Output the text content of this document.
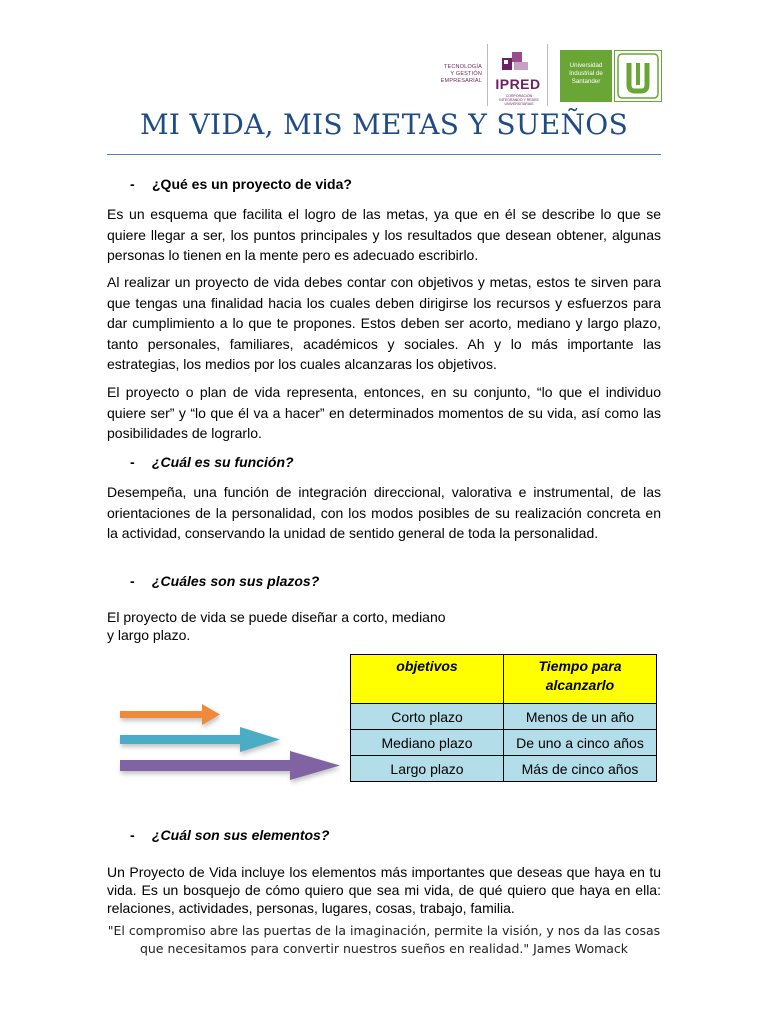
TECNOLOGÍA
Y GESTIÓN
EMPRESARIAL IPRED
CORPORACIÓN INTEGRANDO Y REDES UNIVERSITARIAS
Universidad
Industrial de
Santander
MI VIDA, MIS METAS Y SUEÑOS
- ¿Qué es un proyecto de vida?
Es un esquema que facilita el logro de las metas, ya que en él se describe lo que se quiere llegar a ser, los puntos principales y los resultados que desean obtener, algunas personas lo tienen en la mente pero es adecuado escribirlo.
Al realizar un proyecto de vida debes contar con objetivos y metas, estos te sirven para que tengas una finalidad hacia los cuales deben dirigirse los recursos y esfuerzos para dar cumplimiento a lo que te propones. Estos deben ser acorto, mediano y largo plazo, tanto personales, familiares, académicos y sociales. Ah y lo más importante las estrategias, los medios por los cuales alcanzaras los objetivos.
El proyecto o plan de vida representa, entonces, en su conjunto, “lo que el individuo quiere ser” y “lo que él va a hacer” en determinados momentos de su vida, así como las posibilidades de lograrlo.
- ¿Cuál es su función?
Desempeña, una función de integración direccional, valorativa e instrumental, de las orientaciones de la personalidad, con los modos posibles de su realización concreta en la actividad, conservando la unidad de sentido general de toda la personalidad.
- ¿Cuáles son sus plazos?
El proyecto de vida se puede diseñar a corto, mediano
y largo plazo.
objetivos	Tiempo para alcanzarlo
Corto plazo	Menos de un año
Mediano plazo	De uno a cinco años
Largo plazo	Más de cinco años
- ¿Cuál son sus elementos?
Un Proyecto de Vida incluye los elementos más importantes que deseas que haya en tu vida. Es un bosquejo de cómo quiero que sea mi vida, de qué quiero que haya en ella: relaciones, actividades, personas, lugares, cosas, trabajo, familia.
"El compromiso abre las puertas de la imaginación, permite la visión, y nos da las cosas que necesitamos para convertir nuestros sueños en realidad." James Womack
